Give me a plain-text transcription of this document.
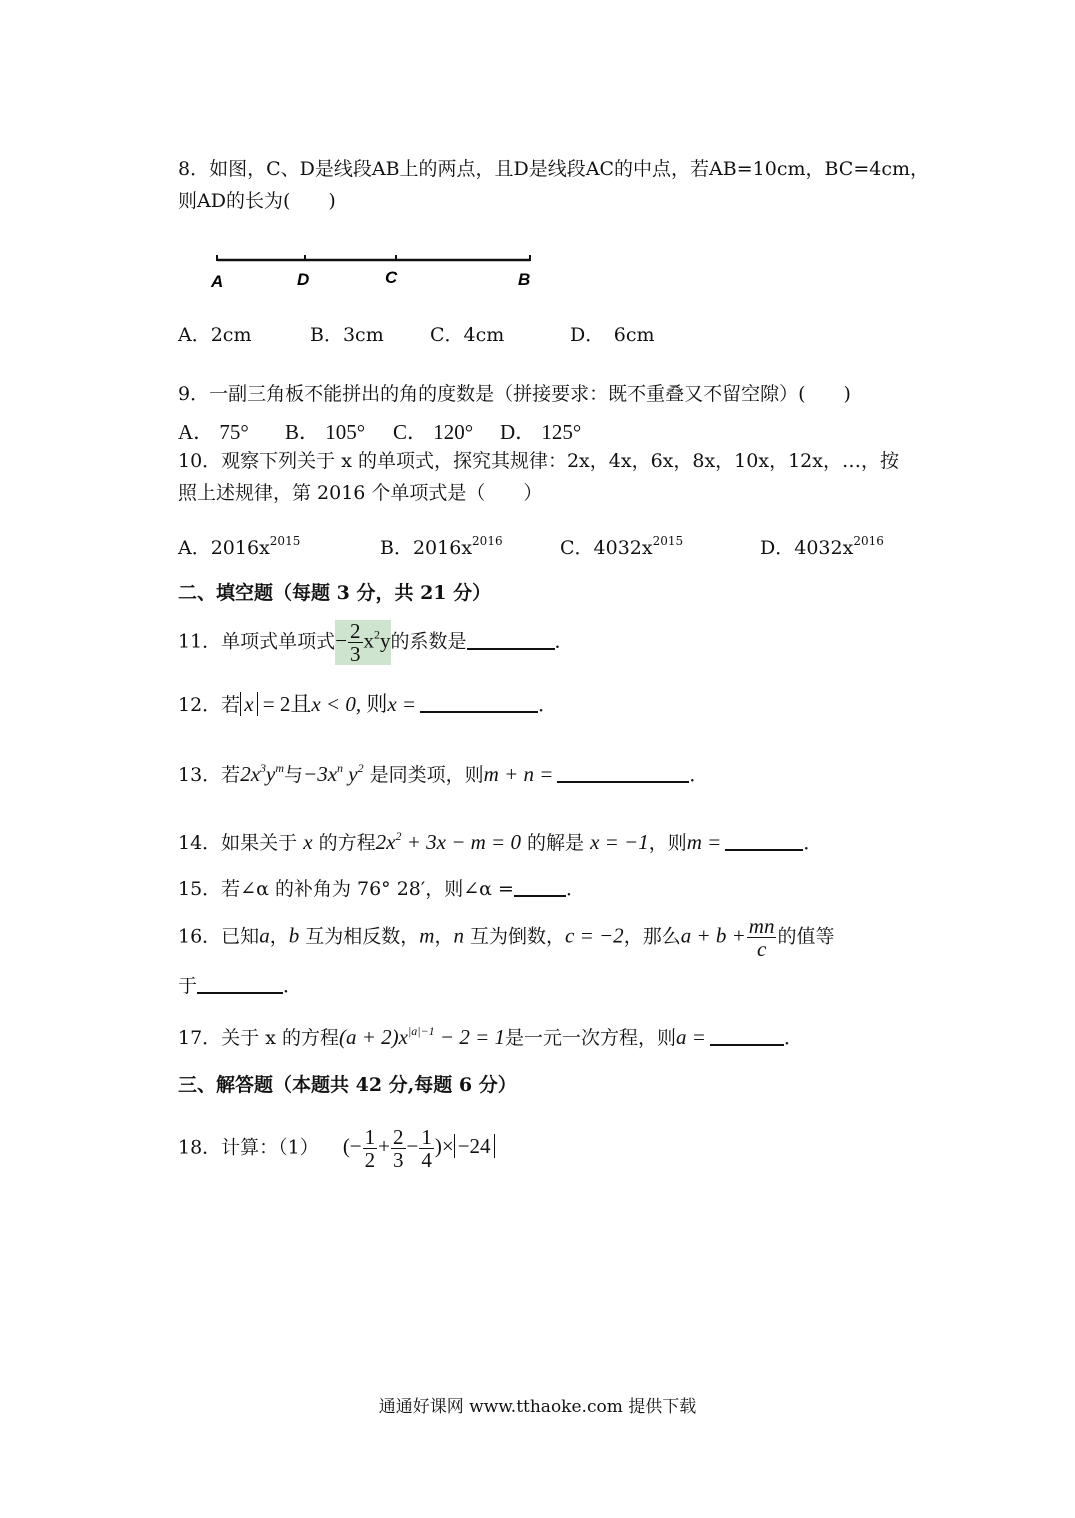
8．如图，C、D是线段AB上的两点，且D是线段AC的中点，若AB=10cm，BC=4cm，
则AD的长为(　　)
A	D	C	B
A．2cm	B．3cm C．4cm	D．　6cm
9．一副三角板不能拼出的角的度数是（拼接要求：既不重叠又不留空隙）(　　)
A． 75° B． 105° C． 120° D． 125°
10．观察下列关于 x 的单项式，探究其规律：2x，4x，6x，8x，10x，12x，…，按
照上述规律，第 2016 个单项式是（　　）
A．$2016x^{2015}$	B．$2016x^{2016}$	C．$4032x^{2015}$	D．$4032x^{2016}$
二、填空题（每题 3 分，共 21 分）
11．单项式单项式− $\frac{2}{3} x^2y$的系数是	．
12．若 x = 2且x < 0, 则x =	．
13．若$2x^3y^m$与$-3x^n$ $y^2$ 是同类项，则m + n =	．
14．如果关于 x 的方程$2x^2 + 3x - m = 0$ 的解是 x = −1，则m =	．
15．若∠α 的补角为 76° 28′，则∠α =	．
16．已知a，b 互为相反数，m，n 互为倒数，c = −2，那么$a + b + \frac{mn}{c}$ 的值等
于	．
17．关于 x 的方程$(a + 2)x^{|a|-1} - 2 = 1$是一元一次方程，则a =	．
三、解答题（本题共 42 分,每题 6 分）
18．计算：（1） (− $\frac{1}{2} + \frac{2}{3} - \frac{1}{4}$ )× −24
通通好课网 www.tthaoke.com 提供下载
